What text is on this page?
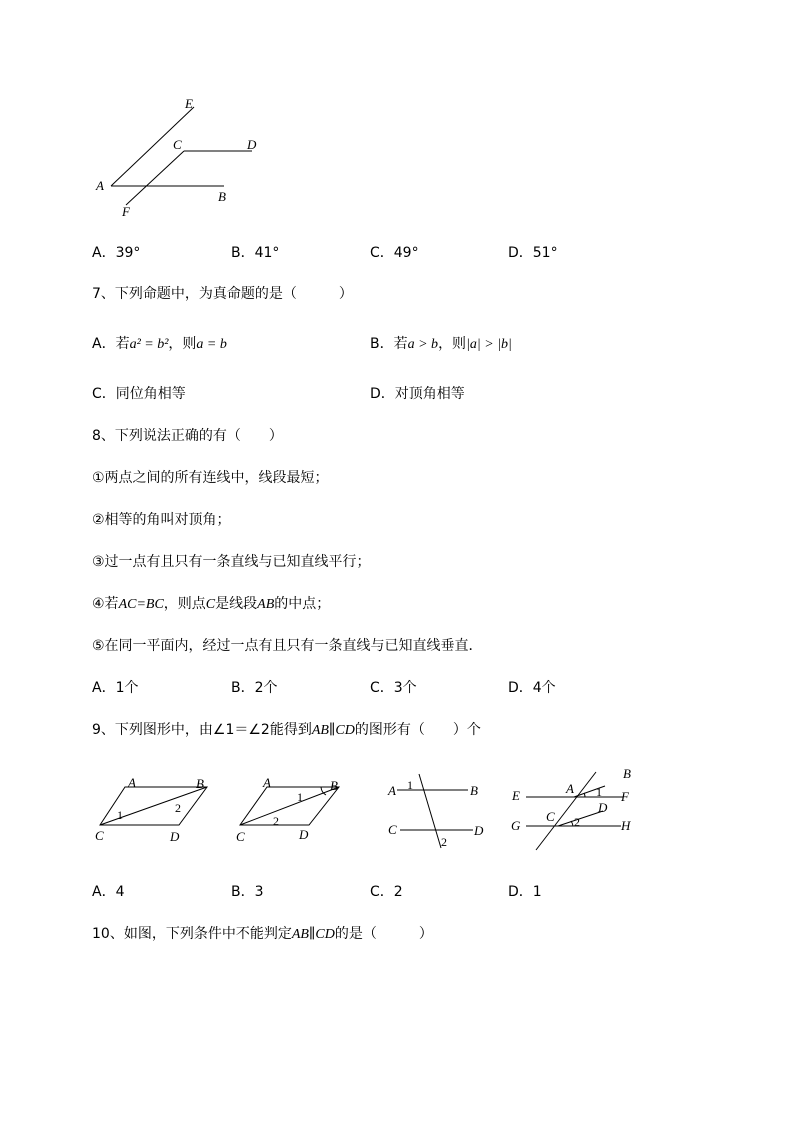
E
C	D
A
B
F
A．39°	B．41°	C．49°	D．51°
7、下列命题中，为真命题的是（　　　）
A．若a² = b²，则a = b	B．若a > b，则|a| > |b|
C．同位角相等	D．对顶角相等
8、下列说法正确的有（　　）
①两点之间的所有连线中，线段最短；
②相等的角叫对顶角；
③过一点有且只有一条直线与已知直线平行；
④若AC=BC，则点C是线段AB的中点；
⑤在同一平面内，经过一点有且只有一条直线与已知直线垂直．
A．1个	B．2个	C．3个	D．4个
9、下列图形中，由∠1＝∠2能得到AB∥CD的图形有（　　）个
A	B
C	D
1	2
A	B
C	D
1
2
A	B
C	D
1
2
B
E	A
F
D
G
C
H
1
2
A．4	B．3	C．2	D．1
10、如图，下列条件中不能判定AB∥CD的是（　　　）
